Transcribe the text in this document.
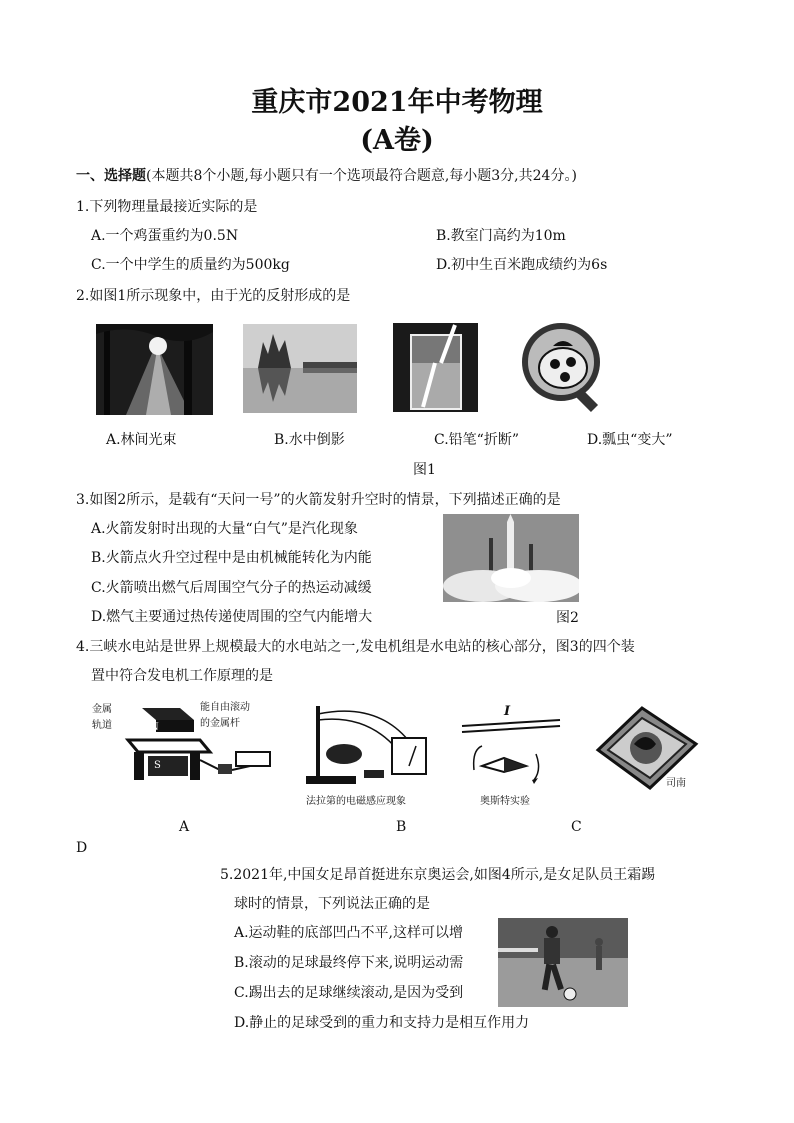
重庆市2021年中考物理
(A卷)
一、选择题(本题共8个小题,每小题只有一个选项最符合题意,每小题3分,共24分。)
1.下列物理量最接近实际的是
A.一个鸡蛋重约为0.5N	B.教室门高约为10m
C.一个中学生的质量约为500kg	D.初中生百米跑成绩约为6s
2.如图1所示现象中，由于光的反射形成的是
A.林间光束	B.水中倒影	C.铅笔“折断”	D.瓢虫“变大”
图1
3.如图2所示，是载有“天问一号”的火箭发射升空时的情景，下列描述正确的是
A.火箭发射时出现的大量“白气”是汽化现象
B.火箭点火升空过程中是由机械能转化为内能
C.火箭喷出燃气后周围空气分子的热运动减缓
D.燃气主要通过热传递使周围的空气内能增大	图2
4.三峡水电站是世界上规模最大的水电站之一,发电机组是水电站的核心部分，图3的四个装
置中符合发电机工作原理的是
金属
轨道
能自由滚动
的金属杆
N
S
法拉第的电磁感应现象
I
奥斯特实验
司南
A	B	C
D
5.2021年,中国女足昂首挺进东京奥运会,如图4所示,是女足队员王霜踢
球时的情景，下列说法正确的是
A.运动鞋的底部凹凸不平,这样可以增
B.滚动的足球最终停下来,说明运动需
C.踢出去的足球继续滚动,是因为受到
D.静止的足球受到的重力和支持力是相互作用力
